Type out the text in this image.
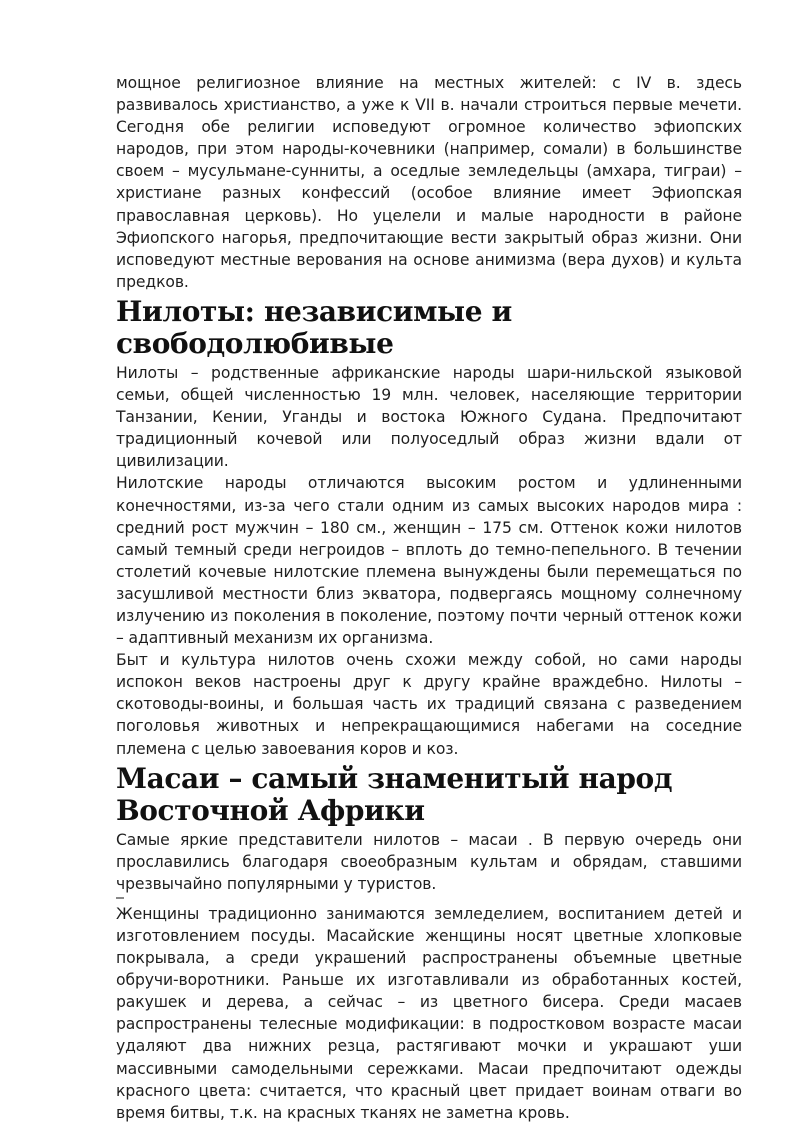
мощное религиозное влияние на местных жителей: с IV в. здесь развивалось христианство, а уже к VII в. начали строиться первые мечети. Сегодня обе религии исповедуют огромное количество эфиопских народов, при этом народы-кочевники (например, сомали) в большинстве своем – мусульмане-сунниты, а оседлые земледельцы (амхара, тиграи) – христиане разных конфессий (особое влияние имеет Эфиопская православная церковь). Но уцелели и малые народности в районе Эфиопского нагорья, предпочитающие вести закрытый образ жизни. Они исповедуют местные верования на основе анимизма (вера духов) и культа предков.

Нилоты: независимые и свободолюбивые

Нилоты – родственные африканские народы шари-нильской языковой семьи, общей численностью 19 млн. человек, населяющие территории Танзании, Кении, Уганды и востока Южного Судана. Предпочитают традиционный кочевой или полуоседлый образ жизни вдали от цивилизации.

Нилотские народы отличаются высоким ростом и удлиненными конечностями, из-за чего стали одним из самых высоких народов мира : средний рост мужчин – 180 см., женщин – 175 см. Оттенок кожи нилотов самый темный среди негроидов – вплоть до темно-пепельного. В течении столетий кочевые нилотские племена вынуждены были перемещаться по засушливой местности близ экватора, подвергаясь мощному солнечному излучению из поколения в поколение, поэтому почти черный оттенок кожи – адаптивный механизм их организма.

Быт и культура нилотов очень схожи между собой, но сами народы испокон веков настроены друг к другу крайне враждебно. Нилоты – скотоводы-воины, и большая часть их традиций связана с разведением поголовья животных и непрекращающимися набегами на соседние племена с целью завоевания коров и коз.

Масаи – самый знаменитый народ Восточной Африки

Самые яркие представители нилотов – масаи . В первую очередь они прославились благодаря своеобразным культам и обрядам, ставшими чрезвычайно популярными у туристов.

Женщины традиционно занимаются земледелием, воспитанием детей и изготовлением посуды. Масайские женщины носят цветные хлопковые покрывала, а среди украшений распространены объемные цветные обручи-воротники. Раньше их изготавливали из обработанных костей, ракушек и дерева, а сейчас – из цветного бисера. Среди масаев распространены телесные модификации: в подростковом возрасте масаи удаляют два нижних резца, растягивают мочки и украшают уши массивными самодельными сережками. Масаи предпочитают одежды красного цвета: считается, что красный цвет придает воинам отваги во время битвы, т.к. на красных тканях не заметна кровь.
